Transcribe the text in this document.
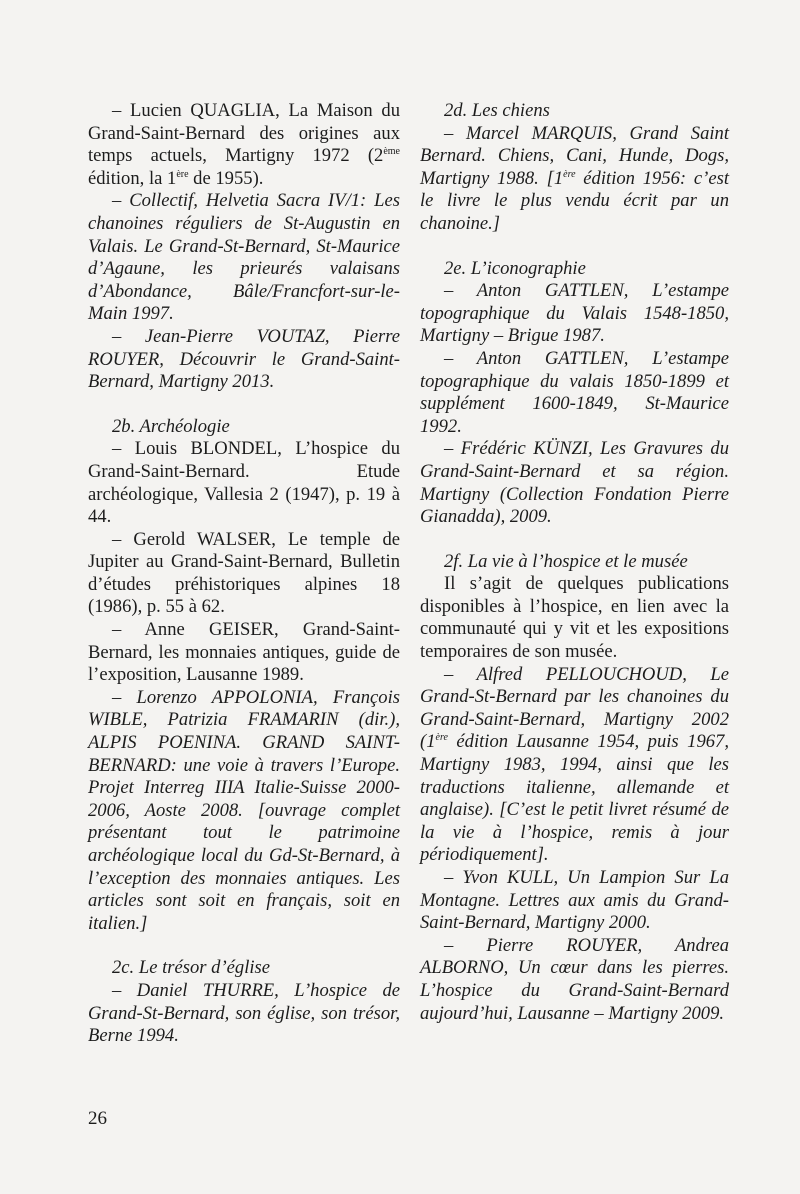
– Lucien QUAGLIA, La Maison du Grand-Saint-Bernard des origines aux temps actuels, Martigny 1972 (2ème édition, la 1ère de 1955).

– Collectif, Helvetia Sacra IV/1: Les chanoines réguliers de St-Augustin en Valais. Le Grand-St-Bernard, St-Maurice d’Agaune, les prieurés valaisans d’Abondance, Bâle/Francfort-sur-le-Main 1997.

– Jean-Pierre VOUTAZ, Pierre ROUYER, Découvrir le Grand-Saint-Bernard, Martigny 2013.

2b. Archéologie

– Louis BLONDEL, L’hospice du Grand-Saint-Bernard. Etude archéologique, Vallesia 2 (1947), p. 19 à 44.

– Gerold WALSER, Le temple de Jupiter au Grand-Saint-Bernard, Bulletin d’études préhistoriques alpines 18 (1986), p. 55 à 62.

– Anne GEISER, Grand-Saint-Bernard, les monnaies antiques, guide de l’exposition, Lausanne 1989.

– Lorenzo APPOLONIA, François WIBLE, Patrizia FRAMARIN (dir.), ALPIS POENINA. GRAND SAINT-BERNARD: une voie à travers l’Europe. Projet Interreg IIIA Italie-Suisse 2000-2006, Aoste 2008. [ouvrage complet présentant tout le patrimoine archéologique local du Gd-St-Bernard, à l’exception des monnaies antiques. Les articles sont soit en français, soit en italien.]

2c. Le trésor d’église

– Daniel THURRE, L’hospice de Grand-St-Bernard, son église, son trésor, Berne 1994.

2d. Les chiens

– Marcel MARQUIS, Grand Saint Bernard. Chiens, Cani, Hunde, Dogs, Martigny 1988. [1ère édition 1956: c’est le livre le plus vendu écrit par un chanoine.]

2e. L’iconographie

– Anton GATTLEN, L’estampe topographique du Valais 1548-1850, Martigny – Brigue 1987.

– Anton GATTLEN, L’estampe topographique du valais 1850-1899 et supplément 1600-1849, St-Maurice 1992.

– Frédéric KÜNZI, Les Gravures du Grand-Saint-Bernard et sa région. Martigny (Collection Fondation Pierre Gianadda), 2009.

2f. La vie à l’hospice et le musée

Il s’agit de quelques publications disponibles à l’hospice, en lien avec la communauté qui y vit et les expositions temporaires de son musée.

– Alfred PELLOUCHOUD, Le Grand-St-Bernard par les chanoines du Grand-Saint-Bernard, Martigny 2002 (1ère édition Lausanne 1954, puis 1967, Martigny 1983, 1994, ainsi que les traductions italienne, allemande et anglaise). [C’est le petit livret résumé de la vie à l’hospice, remis à jour périodiquement].

– Yvon KULL, Un Lampion Sur La Montagne. Lettres aux amis du Grand-Saint-Bernard, Martigny 2000.

– Pierre ROUYER, Andrea ALBORNO, Un cœur dans les pierres. L’hospice du Grand-Saint-Bernard aujourd’hui, Lausanne – Martigny 2009.

26
